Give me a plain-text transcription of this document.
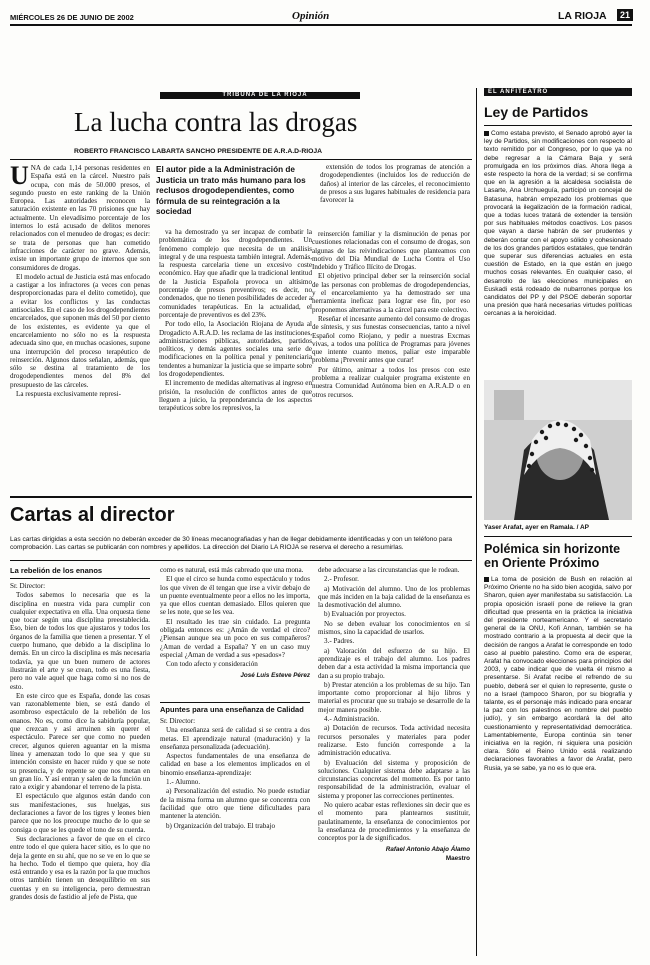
MIÉRCOLES 26 DE JUNIO DE 2002	Opinión	LA RIOJA	21
TRIBUNA DE LA RIOJA
La lucha contra las drogas
ROBERTO FRANCISCO LABARTA SANCHO PRESIDENTE DE A.R.A.D-RIOJA

UNA de cada 1,14 personas residentes en España está en la cárcel. Nuestro país ocupa, con más de 50.000 presos, el segundo puesto en este ranking de la Unión Europea. Las autoridades reconocen la saturación existente en las 70 prisiones que hay actualmente. Un elevadísimo porcentaje de los internos lo está acusado de delitos menores relacionados con el menudeo de drogas; es decir: se trata de personas que han cometido infracciones de carácter no grave. Además, existe un importante grupo de internos que son consumidores de drogas.

El modelo actual de Justicia está mas enfocado a castigar a los infractores (a veces con penas desproporcionadas para el delito cometido), que a evitar los conflictos y las conductas antisociales. En el caso de los drogodependientes encarcelados, que suponen más del 50 por ciento de los existentes, es evidente ya que el encarcelamiento no sólo no es la respuesta adecuada sino que, en muchas ocasiones, supone una interrupción del proceso terapéutico de reinserción. Algunos datos señalan, además, que sólo se destina al tratamiento de los drogodependientes menos del 8% del presupuesto de las cárceles.

La respuesta exclusivamente represi-

El autor pide a la Administración de Justicia un trato más humano para los reclusos drogodependientes, como fórmula de su reintegración a la sociedad

va ha demostrado ya ser incapaz de combatir la problemática de los drogodependientes. Un fenómeno complejo que necesita de un análisis integral y de una respuesta también integral. Además, la respuesta carcelaria tiene un excesivo coste económico. Hay que añadir que la tradicional lentitud de la Justicia Española provoca un altísimo porcentaje de presos preventivos; es decir, no condenados, que no tienen posibilidades de acceder a comunidades terapéuticas. En la actualidad, el porcentaje de preventivos es del 23%.

Por todo ello, la Asociación Riojana de Ayuda al Drogadicto A.R.A.D. les reclama de las instituciones, administraciones públicas, autoridades, partidos políticos, y demás agentes sociales una serie de modificaciones en la política penal y penitenciaria tendentes a humanizar la justicia que se imparte sobre los drogodependientes.

El incremento de medidas alternativas al ingreso en prisión, la resolución de conflictos antes de que lleguen a juicio, la preponderancia de los aspectos terapéuticos sobre los represivos, la

extensión de todos los programas de atención a drogodependientes (incluidos los de reducción de daños) al interior de las cárceles, el reconocimiento de presos a sus lugares habituales de residencia para favorecer la

reinserción familiar y la disminución de penas por cuestiones relacionadas con el consumo de drogas, son algunas de las reivindicaciones que planteamos con motivo del Día Mundial de Lucha Contra el Uso Indebido y Tráfico Ilícito de Drogas.

El objetivo principal deber ser la reinserción social de las personas con problemas de drogodependencias, y el encarcelamiento ya ha demostrado ser una herramienta ineficaz para lograr ese fin, por eso proponemos alternativas a la cárcel para este colectivo.

Reseñar el incesante aumento del consumo de drogas de síntesis, y sus funestas consecuencias, tanto a nivel Español como Riojano, y pedir a nuestras Excmas vivas, a todos una política de Programas para jóvenes que intente cuanto menos, paliar este imparable problema ¡Prevenir antes que curar!

Por último, animar a todos los presos con este problema a realizar cualquier programa existente en nuestra Comunidad Autónoma bien en A.R.A.D o en otros recursos.

EL ANFITEATRO
Ley de Partidos

Como estaba previsto, el Senado aprobó ayer la ley de Partidos, sin modificaciones con respecto al texto remitido por el Congreso, por lo que ya no debe regresar a la Cámara Baja y será promulgada en los próximos días. Ahora llega a este respecto la hora de la verdad; si se confirma que en la agresión a la alcaldesa socialista de Lasarte, Ana Urchueguía, partícipó un concejal de Batasuna, habrán empezado los problemas que provocará la ilegalización de la formación radical, que a todas luces tratará de extender la tensión por sus habituales métodos coactivos. Los pasos que vayan a darse habrán de ser prudentes y deberán contar con el apoyo sólido y cohesionado de los dos grandes partidos estatales, que tendrán que superar sus diferencias actuales en esta cuestión de Estado, en la que están en juego muchos cosas relevantes. En cualquier caso, el desarrollo de las elecciones municipales en Euskadi está rodeado de nubarrones porque los candidatos del PP y del PSOE deberán soportar una presión que hará necesarias virtudes políticas cercanas a la heroicidad.

Yaser Arafat, ayer en Ramala. / AP
Polémica sin horizonte en Oriente Próximo

La toma de posición de Bush en relación al Próximo Oriente no ha sido bien acogida, salvo por Sharon, quien ayer manifestaba su satisfacción. La propia oposición israelí pone de relieve la gran dificultad que presenta en la práctica la iniciativa del presidente norteamericano. Y el secretario general de la ONU, Kofi Annan, también se ha mostrado contrario a la propuesta al decir que la decisión de rangos a Arafat le corresponde en todo caso al pueblo palestino. Como era de esperar, Arafat ha convocado elecciones para principios del 2003, y cabe indicar que de vuelta él mismo a presentarse. Si Arafat recibe el refrendo de su pueblo, deberá ser el quien lo represente, guste o no a Israel (tampoco Sharon, por su biografía y talante, es el personaje más indicado para encarar la paz con los palestinos en nombre del pueblo judío), y sin embargo acordará la del alto cuestionamiento y representatividad democrática. Lamentablemente, Europa continúa sin tener iniciativa en la región, ni siquiera una posición clara. Sólo el Reino Unido está realizando declaraciones favorables a favor de Arafat, pero Rusia, ya se sabe, ya no es lo que era.

Cartas al director
Las cartas dirigidas a esta sección no deberán exceder de 30 líneas mecanografiadas y han de llegar debidamente identificadas y con un teléfono para comprobación. Las cartas se publicarán con nombres y apellidos. La dirección del Diario LA RIOJA se reserva el derecho a resumirlas.
La rebelión de los enanos

Sr. Director:

Todos sabemos lo necesaria que es la disciplina en nuestra vida para cumplir con cualquier expectativa en ella. Una orquesta tiene que tocar según una disciplina preestablecida. Eso, bien de todos los que ajustaros y todos los órganos de la familia que tienen a presentar. Y el cuerpo humano, que debido a la disciplina lo demás. En un circo la disciplina es más necesaria todavía, ya que un buen numero de actores ilustrarán el arte y se crean, todo es una fiesta, pero no vale aquel que haga como si no nos de esto.

En este circo que es España, donde las cosas van razonablemente bien, se está dando el asombroso espectáculo de la rebelión de los enanos. No es, como dice la sabiduría popular, que crezcan y así arruinen sin querer el espectáculo. Parece ser que como no pueden crecer, algunos quieren aguantar en la misma línea y amenazan todo lo que sea y que su intención consiste en hacer ruido y que se note su presencia, y de repente se que nos metan en un gran lío. Y así entran y salen de la función un rato a exigir y abandonar el terreno de la pista.

El espectáculo que algunos están dando con sus manifestaciones, sus huelgas, sus declaraciones a favor de los tigres y leones bien parece que no los preocupe mucho de lo que se consiga o que se les quede el tono de su cuerda.

Sus declaraciones a favor de que en el circo entre todo el que quiera hacer sitio, es lo que no deja la gente en su ahí, que no se ve en lo que se ha hecho. Todo el tiempo que quiera, hoy día está entrando y esa es la razón por la que muchos otros también tienen un desequilibrio en sus cuentas y en su inteligencia, pero demuestran grandes dosis de fastidio al jefe de Pista, que

como es natural, está más cabreado que una mona.

El que el circo se hunda como espectáculo y todos los que viven de él tengan que irse a vivir debajo de un puente eventualmente peor a ellos no les importa, ya que ellos cuentan demasiado. Ellos quieren que se les note, que se les vea.

El resultado les trae sin cuidado. La pregunta obligada entonces es: ¿Amán de verdad el circo? ¿Piensan aunque sea un poco en sus compañeros? ¿Aman de verdad a España? Y en un caso muy especial ¿Aman de verdad a sus «pesados»?

Con todo afecto y consideración

José Luis Esteve Pérez

Apuntes para una enseñanza de Calidad

Sr. Director:

Una enseñanza será de calidad si se centra a dos metas. El aprendizaje natural (maduración) y la enseñanza personalizada (adecuación).

Aspectos fundamentales de una enseñanza de calidad en base a los elementos implicados en el binomio enseñanza-aprendizaje:

1.- Alumno.

a) Personalización del estudio. No puede estudiar de la misma forma un alumno que se concentra con facilidad que otro que tiene dificultades para mantener la atención.

b) Organización del trabajo. El trabajo

debe adecuarse a las circunstancias que le rodean.

2.- Profesor.

a) Motivación del alumno. Uno de los problemas que más inciden en la baja calidad de la enseñanza es la desmotivación del alumno.

b) Evaluación por proyectos.

No se deben evaluar los conocimientos en sí mismos, sino la capacidad de usarlos.

3.- Padres.

a) Valoración del esfuerzo de su hijo. El aprendizaje es el trabajo del alumno. Los padres deben dar a esta actividad la misma importancia que dan a su propio trabajo.

b) Prestar atención a los problemas de su hijo. Tan importante como proporcionar al hijo libros y material es procurar que su trabajo se desarrolle de la mejor manera posible.

4.- Administración.

a) Dotación de recursos. Toda actividad necesita recursos personales y materiales para poder realizarse. Esto función corresponde a la administración educativa.

b) Evaluación del sistema y proposición de soluciones. Cualquier sistema debe adaptarse a las circunstancias concretas del momento. Es por tanto responsabilidad de la administración, evaluar el sistema y proponer las correcciones pertinentes.

No quiero acabar estas reflexiones sin decir que es el momento para plantearnos sustituir, paulatinamente, la enseñanza de conocimientos por la enseñanza de procedimientos y la enseñanza de conceptos por la de significados.

Rafael Antonio Abajo Álamo

Maestro
